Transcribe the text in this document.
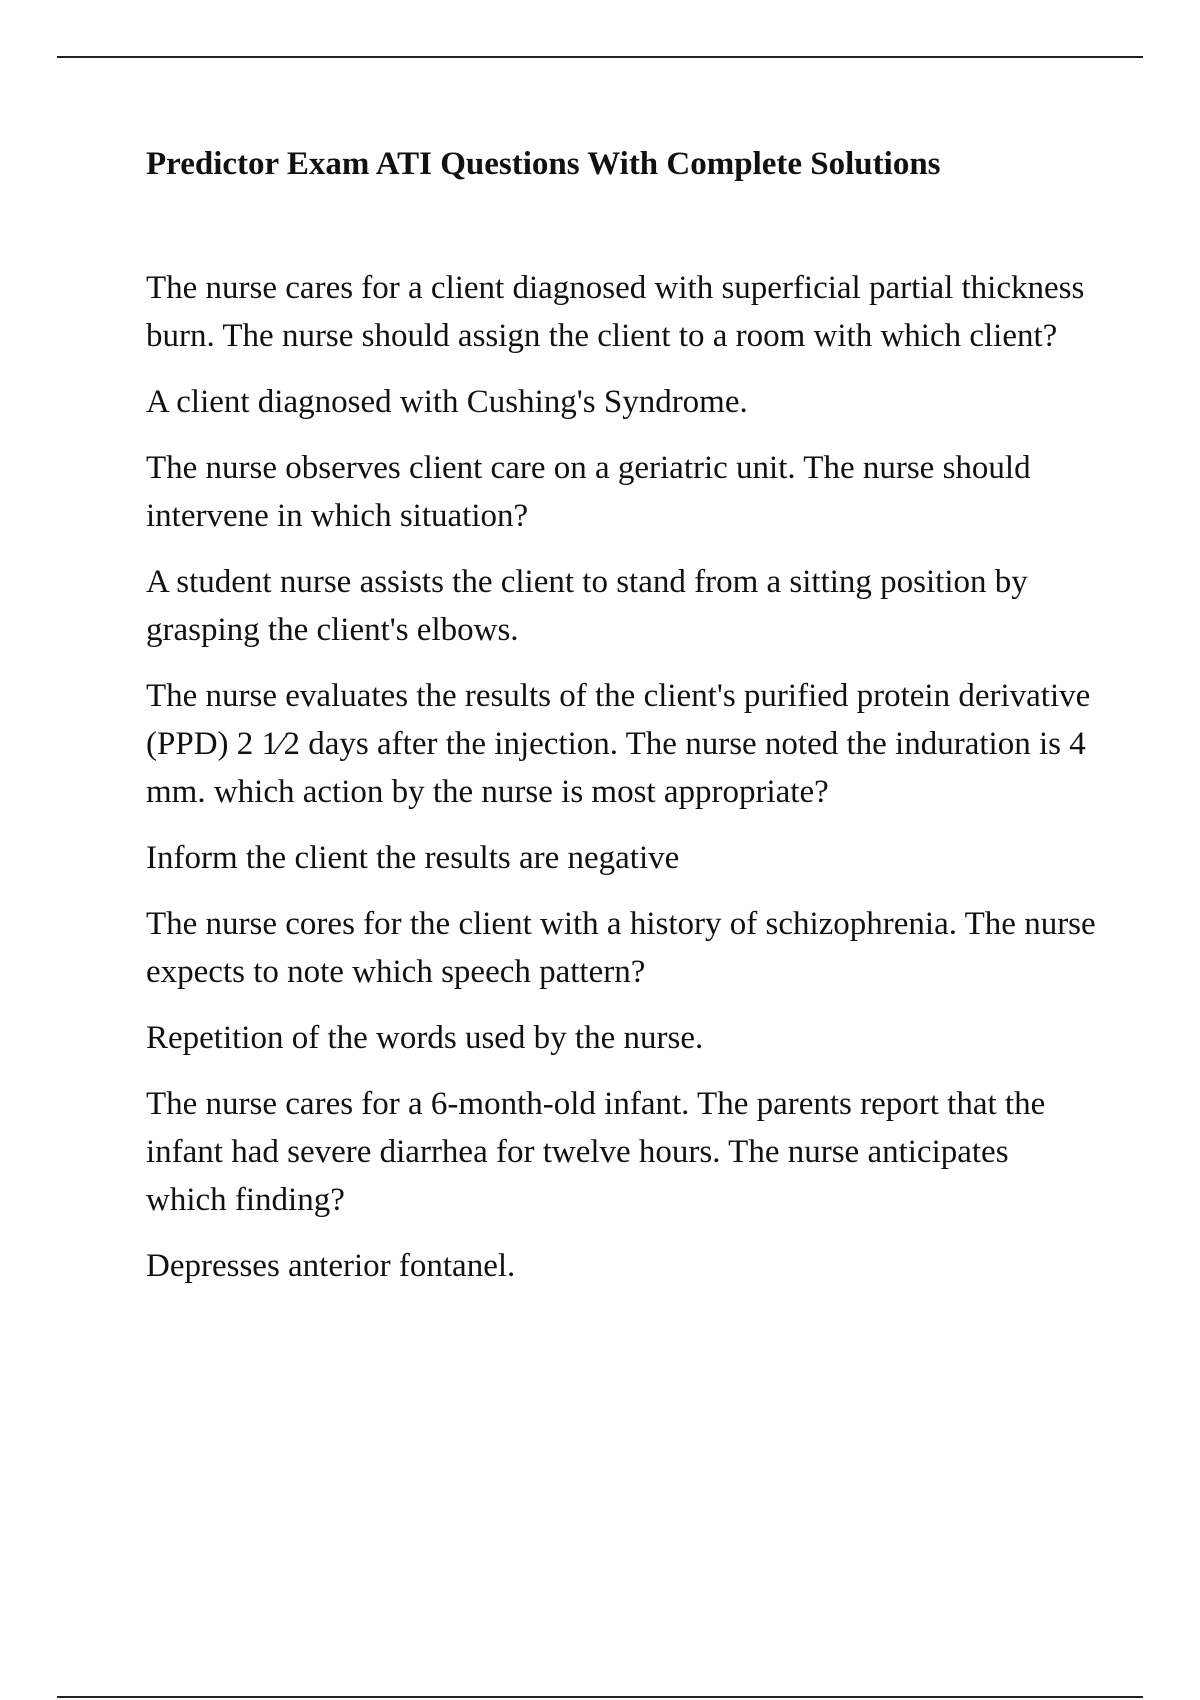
Predictor Exam ATI Questions With Complete Solutions

The nurse cares for a client diagnosed with superficial partial thickness burn. The nurse should assign the client to a room with which client?

A client diagnosed with Cushing's Syndrome.

The nurse observes client care on a geriatric unit. The nurse should intervene in which situation?

A student nurse assists the client to stand from a sitting position by grasping the client's elbows.

The nurse evaluates the results of the client's purified protein derivative (PPD) 2 1⁄2 days after the injection. The nurse noted the induration is 4 mm. which action by the nurse is most appropriate?

Inform the client the results are negative

The nurse cores for the client with a history of schizophrenia. The nurse expects to note which speech pattern?

Repetition of the words used by the nurse.

The nurse cares for a 6-month-old infant. The parents report that the infant had severe diarrhea for twelve hours. The nurse anticipates which finding?

Depresses anterior fontanel.
